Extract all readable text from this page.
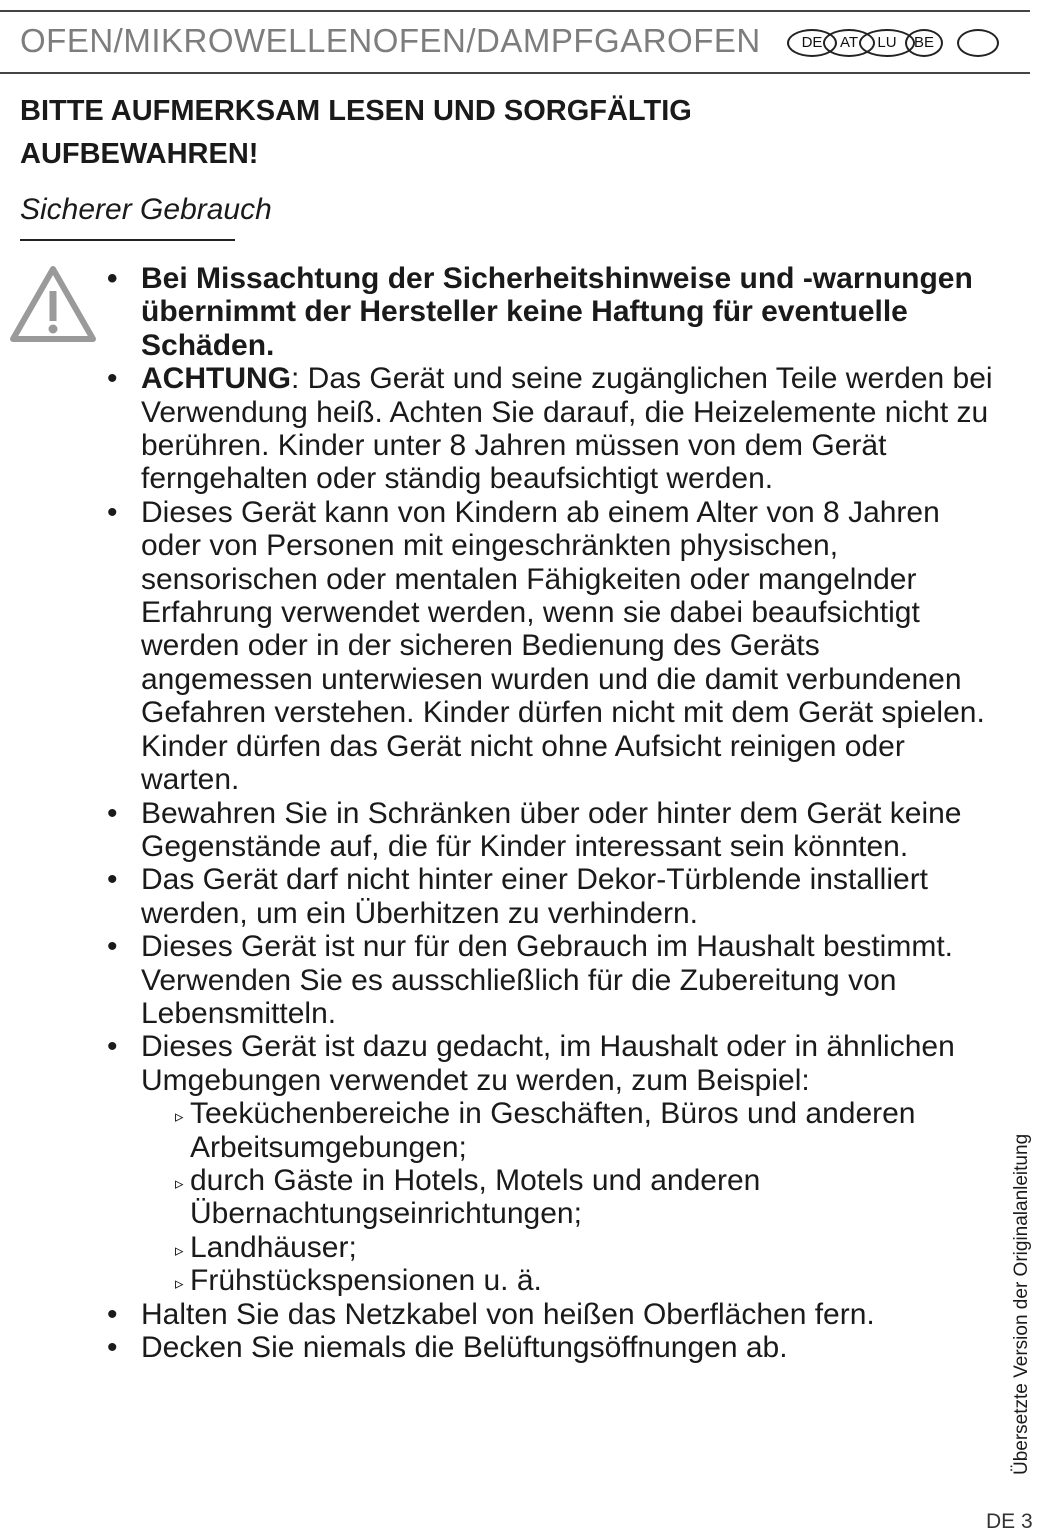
OFEN/MIKROWELLENOFEN/DAMPFGAROFEN	DE	AT	LU	BE
BITTE AUFMERKSAM LESEN UND SORGFÄLTIG AUFBEWAHREN!
Sicherer Gebrauch
• Bei Missachtung der Sicherheitshinweise und -warnungen übernimmt der Hersteller keine Haftung für eventuelle Schäden.
• ACHTUNG: Das Gerät und seine zugänglichen Teile werden bei Verwendung heiß. Achten Sie darauf, die Heizelemente nicht zu berühren. Kinder unter 8 Jahren müssen von dem Gerät ferngehalten oder ständig beaufsichtigt werden.
• Dieses Gerät kann von Kindern ab einem Alter von 8 Jahren oder von Personen mit eingeschränkten physischen, sensorischen oder mentalen Fähigkeiten oder mangelnder Erfahrung verwendet werden, wenn sie dabei beaufsichtigt werden oder in der sicheren Bedienung des Geräts angemessen unterwiesen wurden und die damit verbundenen Gefahren verstehen. Kinder dürfen nicht mit dem Gerät spielen. Kinder dürfen das Gerät nicht ohne Aufsicht reinigen oder warten.
• Bewahren Sie in Schränken über oder hinter dem Gerät keine Gegenstände auf, die für Kinder interessant sein könnten.
• Das Gerät darf nicht hinter einer Dekor-Türblende installiert werden, um ein Überhitzen zu verhindern.
• Dieses Gerät ist nur für den Gebrauch im Haushalt bestimmt. Verwenden Sie es ausschließlich für die Zubereitung von Lebensmitteln.
• Dieses Gerät ist dazu gedacht, im Haushalt oder in ähnlichen Umgebungen verwendet zu werden, zum Beispiel:
▹ Teeküchenbereiche in Geschäften, Büros und anderen Arbeitsumgebungen;
▹ durch Gäste in Hotels, Motels und anderen Übernachtungseinrichtungen;
▹ Landhäuser;
▹ Frühstückspensionen u. ä.
• Halten Sie das Netzkabel von heißen Oberflächen fern.
• Decken Sie niemals die Belüftungsöffnungen ab.	Übersetzte Version der Originalanleitung
DE 3
